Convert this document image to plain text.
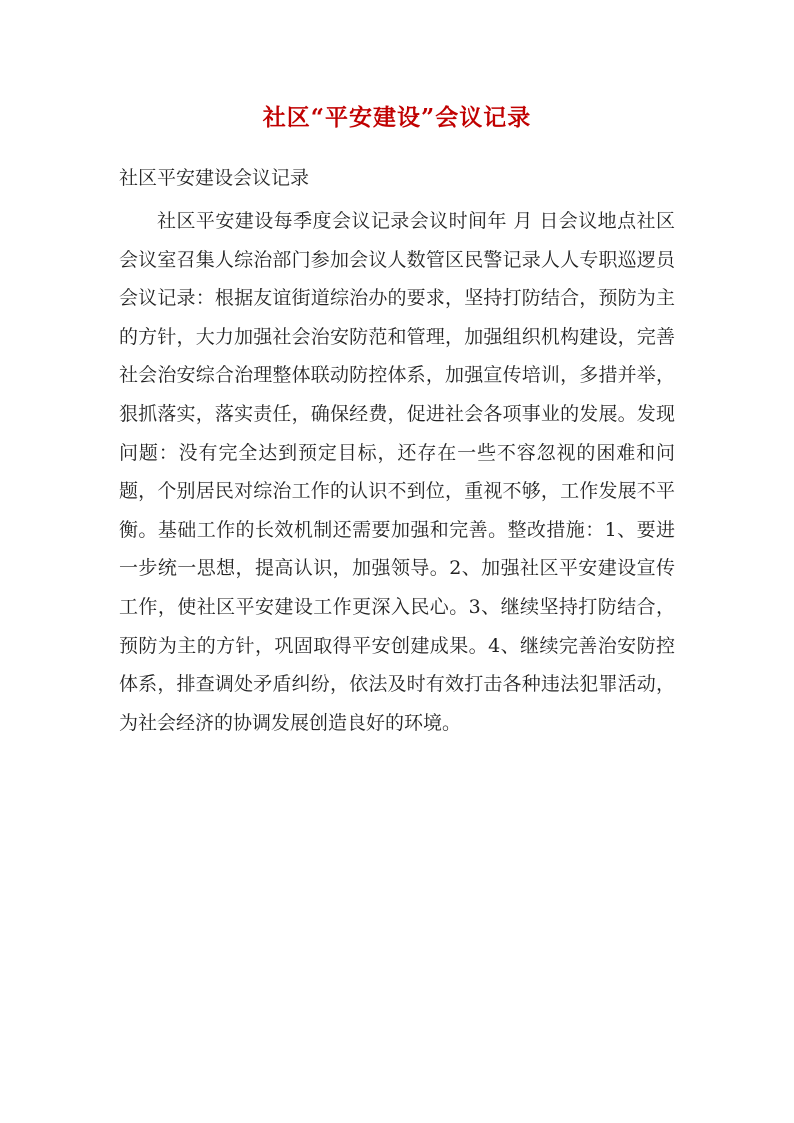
社区“平安建设”会议记录
社区平安建设会议记录

社区平安建设每季度会议记录会议时间年 月 日会议地点社区会议室召集人综治部门参加会议人数管区民警记录人人专职巡逻员会议记录：根据友谊街道综治办的要求，坚持打防结合，预防为主的方针，大力加强社会治安防范和管理，加强组织机构建设，完善社会治安综合治理整体联动防控体系，加强宣传培训，多措并举，狠抓落实，落实责任，确保经费，促进社会各项事业的发展。发现问题：没有完全达到预定目标，还存在一些不容忽视的困难和问题，个别居民对综治工作的认识不到位，重视不够，工作发展不平衡。基础工作的长效机制还需要加强和完善。整改措施：1、要进一步统一思想，提高认识，加强领导。2、加强社区平安建设宣传工作，使社区平安建设工作更深入民心。3、继续坚持打防结合，预防为主的方针，巩固取得平安创建成果。4、继续完善治安防控体系，排查调处矛盾纠纷，依法及时有效打击各种违法犯罪活动，为社会经济的协调发展创造良好的环境。
